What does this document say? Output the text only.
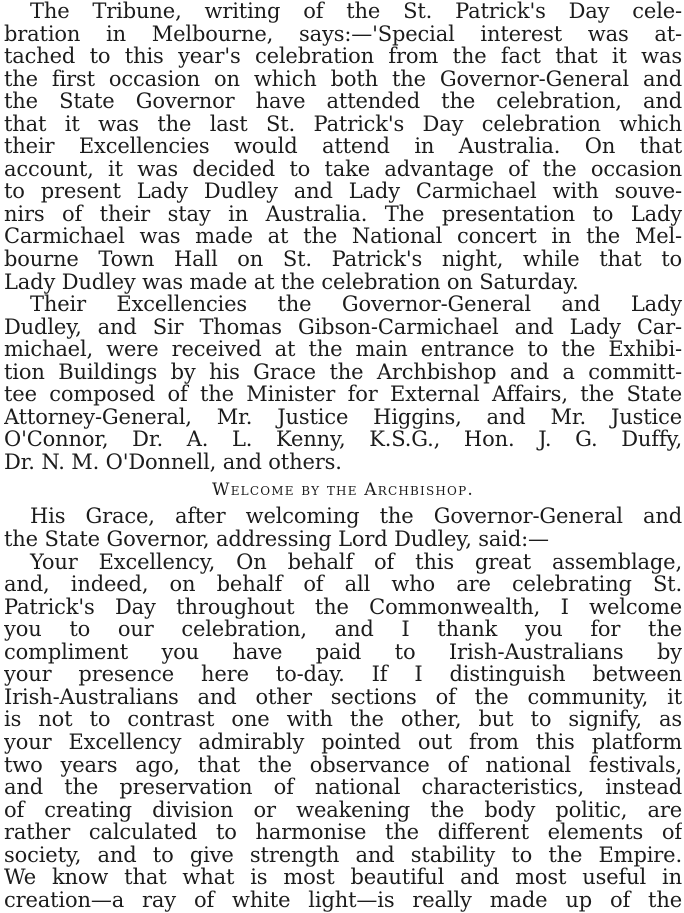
The Tribune, writing of the St. Patrick's Day cele-
bration in Melbourne, says:—'Special interest was at-
tached to this year's celebration from the fact that it was
the first occasion on which both the Governor-General and
the State Governor have attended the celebration, and
that it was the last St. Patrick's Day celebration which
their Excellencies would attend in Australia. On that
account, it was decided to take advantage of the occasion
to present Lady Dudley and Lady Carmichael with souve-
nirs of their stay in Australia. The presentation to Lady
Carmichael was made at the National concert in the Mel-
bourne Town Hall on St. Patrick's night, while that to
Lady Dudley was made at the celebration on Saturday.
Their Excellencies the Governor-General and Lady
Dudley, and Sir Thomas Gibson-Carmichael and Lady Car-
michael, were received at the main entrance to the Exhibi-
tion Buildings by his Grace the Archbishop and a committ-
tee composed of the Minister for External Affairs, the State
Attorney-General, Mr. Justice Higgins, and Mr. Justice
O'Connor, Dr. A. L. Kenny, K.S.G., Hon. J. G. Duffy,
Dr. N. M. O'Donnell, and others.
Welcome by the Archbishop.
His Grace, after welcoming the Governor-General and
the State Governor, addressing Lord Dudley, said:—
Your Excellency, On behalf of this great assemblage,
and, indeed, on behalf of all who are celebrating St.
Patrick's Day throughout the Commonwealth, I welcome
you to our celebration, and I thank you for the
compliment you have paid to Irish-Australians by
your presence here to-day. If I distinguish between
Irish-Australians and other sections of the community, it
is not to contrast one with the other, but to signify, as
your Excellency admirably pointed out from this platform
two years ago, that the observance of national festivals,
and the preservation of national characteristics, instead
of creating division or weakening the body politic, are
rather calculated to harmonise the different elements of
society, and to give strength and stability to the Empire.
We know that what is most beautiful and most useful in
creation—a ray of white light—is really made up of the
